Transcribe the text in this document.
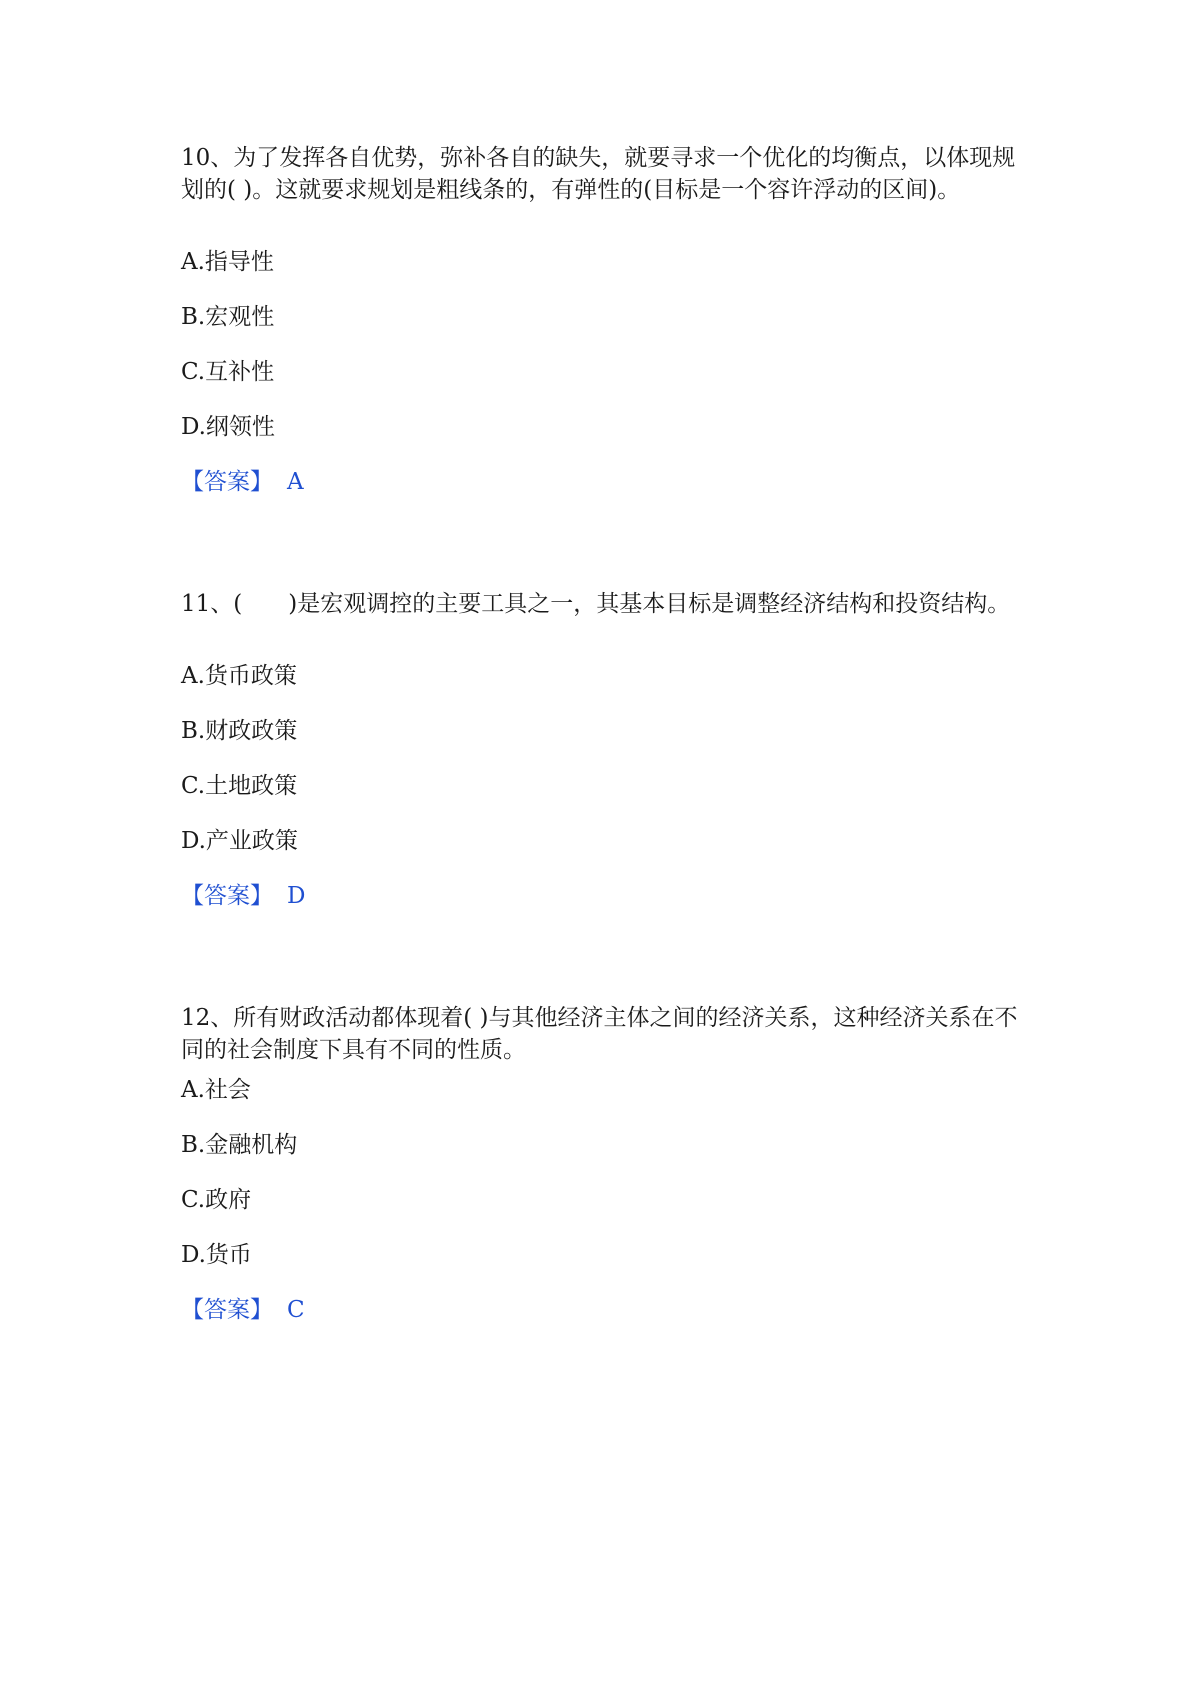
10、为了发挥各自优势，弥补各自的缺失，就要寻求一个优化的均衡点，以体现规划的( )。这就要求规划是粗线条的，有弹性的(目标是一个容许浮动的区间)。

A.指导性

B.宏观性

C.互补性

D.纲领性

【答案】 A

11、(　　)是宏观调控的主要工具之一，其基本目标是调整经济结构和投资结构。

A.货币政策

B.财政政策

C.土地政策

D.产业政策

【答案】 D

12、所有财政活动都体现着( )与其他经济主体之间的经济关系，这种经济关系在不同的社会制度下具有不同的性质。

A.社会

B.金融机构

C.政府

D.货币

【答案】 C
